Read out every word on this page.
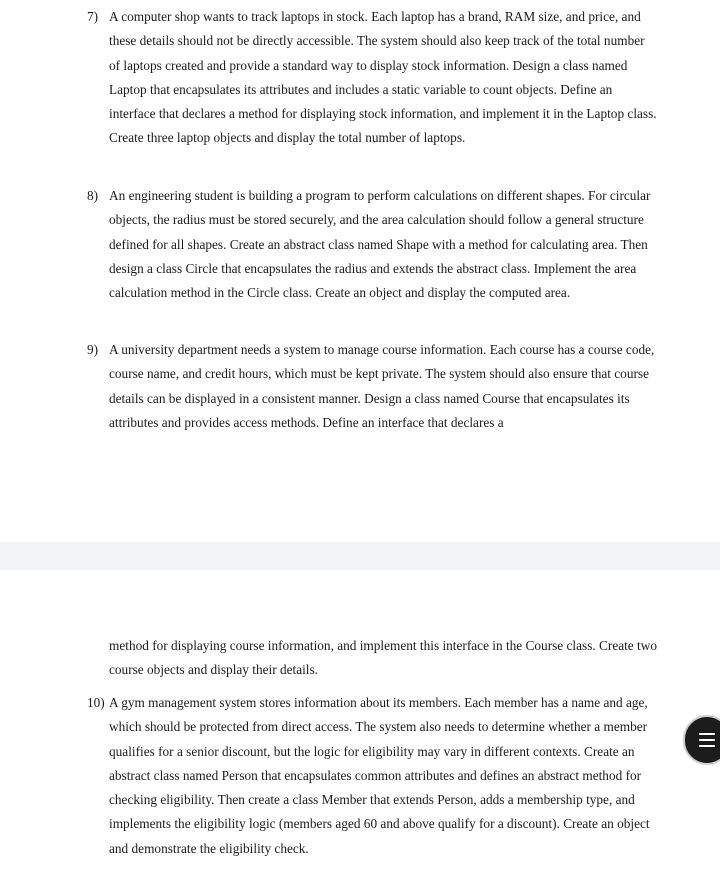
7) A computer shop wants to track laptops in stock. Each laptop has a brand, RAM size, and price, and these details should not be directly accessible. The system should also keep track of the total number of laptops created and provide a standard way to display stock information. Design a class named Laptop that encapsulates its attributes and includes a static variable to count objects. Define an interface that declares a method for displaying stock information, and implement it in the Laptop class. Create three laptop objects and display the total number of laptops.
8) An engineering student is building a program to perform calculations on different shapes. For circular objects, the radius must be stored securely, and the area calculation should follow a general structure defined for all shapes. Create an abstract class named Shape with a method for calculating area. Then design a class Circle that encapsulates the radius and extends the abstract class. Implement the area calculation method in the Circle class. Create an object and display the computed area.
9) A university department needs a system to manage course information. Each course has a course code, course name, and credit hours, which must be kept private. The system should also ensure that course details can be displayed in a consistent manner. Design a class named Course that encapsulates its attributes and provides access methods. Define an interface that declares a
method for displaying course information, and implement this interface in the Course class. Create two course objects and display their details.
10) A gym management system stores information about its members. Each member has a name and age, which should be protected from direct access. The system also needs to determine whether a member qualifies for a senior discount, but the logic for eligibility may vary in different contexts. Create an abstract class named Person that encapsulates common attributes and defines an abstract method for checking eligibility. Then create a class Member that extends Person, adds a membership type, and implements the eligibility logic (members aged 60 and above qualify for a discount). Create an object and demonstrate the eligibility check.
